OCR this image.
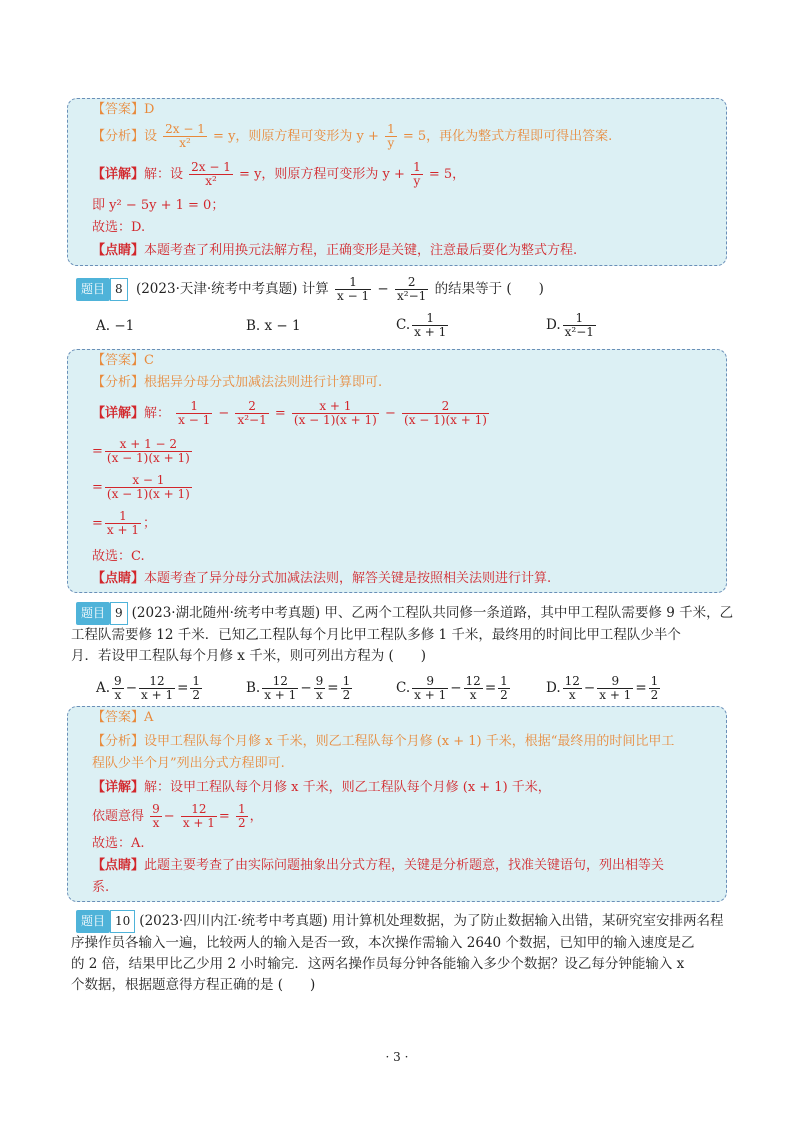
【答案】D
【分析】设 $\frac{2x - 1}{\text{x²}} = y$，则原方程可变形为 $y + \frac{1}{y} = 5$，再化为整式方程即可得出答案.
【详解】解：设 $\frac{2x - 1}{\text{x²}} = y$，则原方程可变形为 $y + \frac{1}{y} = 5$，
即 y² − 5y + 1 = 0；
故选：D.
【点睛】本题考查了利用换元法解方程，正确变形是关键，注意最后要化为整式方程.
题目 8 (2023·天津·统考中考真题) 计算 $\frac{1}{x - 1} - \frac{2}{\text{x²−1}}$ 的结果等于 (　　)
A. −1	B. x − 1	C. $\frac{1}{x + 1}$	D. $\frac{1}{\text{x²−1}}$
【答案】C
【分析】根据异分母分式加减法法则进行计算即可.
【详解】解： $\frac{1}{x - 1} - \frac{2}{\text{x²−1}} = \frac{x + 1}{(x - 1)(x + 1)} - \frac{2}{(x - 1)(x + 1)}$
= $\frac{x + 1 - 2}{(x - 1)(x + 1)}$
= $\frac{x - 1}{(x - 1)(x + 1)}$
= $\frac{1}{x + 1}$ ；
故选：C.
【点睛】本题考查了异分母分式加减法法则，解答关键是按照相关法则进行计算.
题目 9 (2023·湖北随州·统考中考真题) 甲、乙两个工程队共同修一条道路，其中甲工程队需要修 9 千米，乙
工程队需要修 12 千米．已知乙工程队每个月比甲工程队多修 1 千米，最终用的时间比甲工程队少半个
月．若设甲工程队每个月修 x 千米，则可列出方程为 (　　)
A. $\frac{9}{x} - \frac{12}{x + 1} = \frac{1}{2}$	B. $\frac{12}{x + 1} - \frac{9}{x} = \frac{1}{2}$	C. $\frac{9}{x + 1} - \frac{12}{x} = \frac{1}{2}$	D. $\frac{12}{x} - \frac{9}{x + 1} = \frac{1}{2}$
【答案】A
【分析】设甲工程队每个月修 x 千米，则乙工程队每个月修 (x + 1) 千米，根据“最终用的时间比甲工
程队少半个月”列出分式方程即可.
【详解】解：设甲工程队每个月修 x 千米，则乙工程队每个月修 (x + 1) 千米，
依题意得 $\frac{9}{x} - \frac{12}{x + 1} = \frac{1}{2}$ ，
故选：A.
【点睛】此题主要考查了由实际问题抽象出分式方程，关键是分析题意，找准关键语句，列出相等关
系.
题目 10 (2023·四川内江·统考中考真题) 用计算机处理数据，为了防止数据输入出错，某研究室安排两名程
序操作员各输入一遍，比较两人的输入是否一致，本次操作需输入 2640 个数据，已知甲的输入速度是乙
的 2 倍，结果甲比乙少用 2 小时输完．这两名操作员每分钟各能输入多少个数据？设乙每分钟能输入 x
个数据，根据题意得方程正确的是 (　　)
· 3 ·
